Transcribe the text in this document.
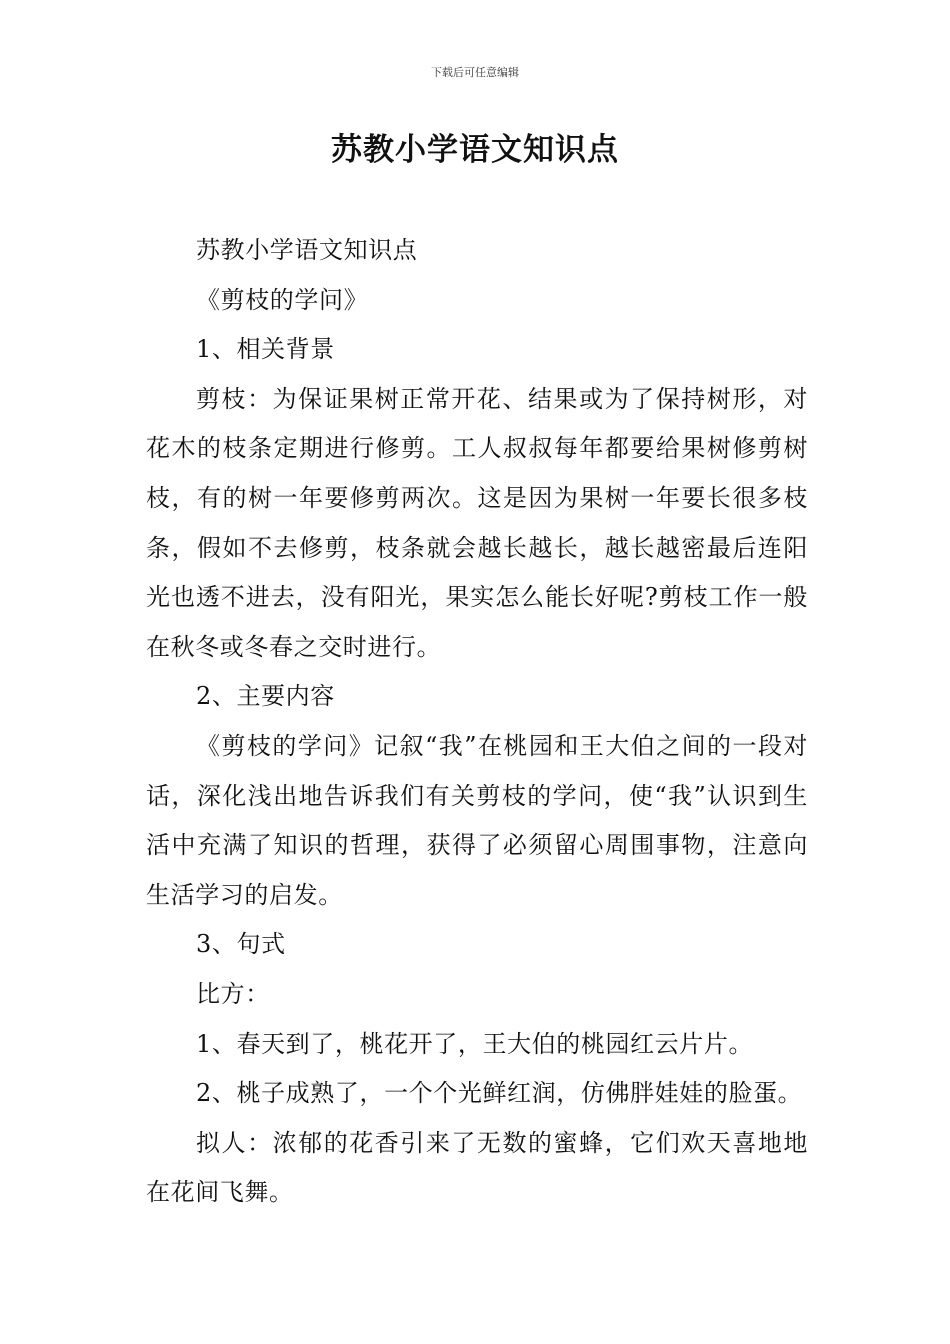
下载后可任意编辑
苏教小学语文知识点

苏教小学语文知识点

《剪枝的学问》

1、相关背景

剪枝：为保证果树正常开花、结果或为了保持树形，对花木的枝条定期进行修剪。工人叔叔每年都要给果树修剪树枝，有的树一年要修剪两次。这是因为果树一年要长很多枝条，假如不去修剪，枝条就会越长越长，越长越密最后连阳光也透不进去，没有阳光，果实怎么能长好呢?剪枝工作一般在秋冬或冬春之交时进行。

2、主要内容

《剪枝的学问》记叙“我”在桃园和王大伯之间的一段对话，深化浅出地告诉我们有关剪枝的学问，使“我”认识到生活中充满了知识的哲理，获得了必须留心周围事物，注意向生活学习的启发。

3、句式

比方：

1、春天到了，桃花开了，王大伯的桃园红云片片。

2、桃子成熟了，一个个光鲜红润，仿佛胖娃娃的脸蛋。

拟人：浓郁的花香引来了无数的蜜蜂，它们欢天喜地地在花间飞舞。
